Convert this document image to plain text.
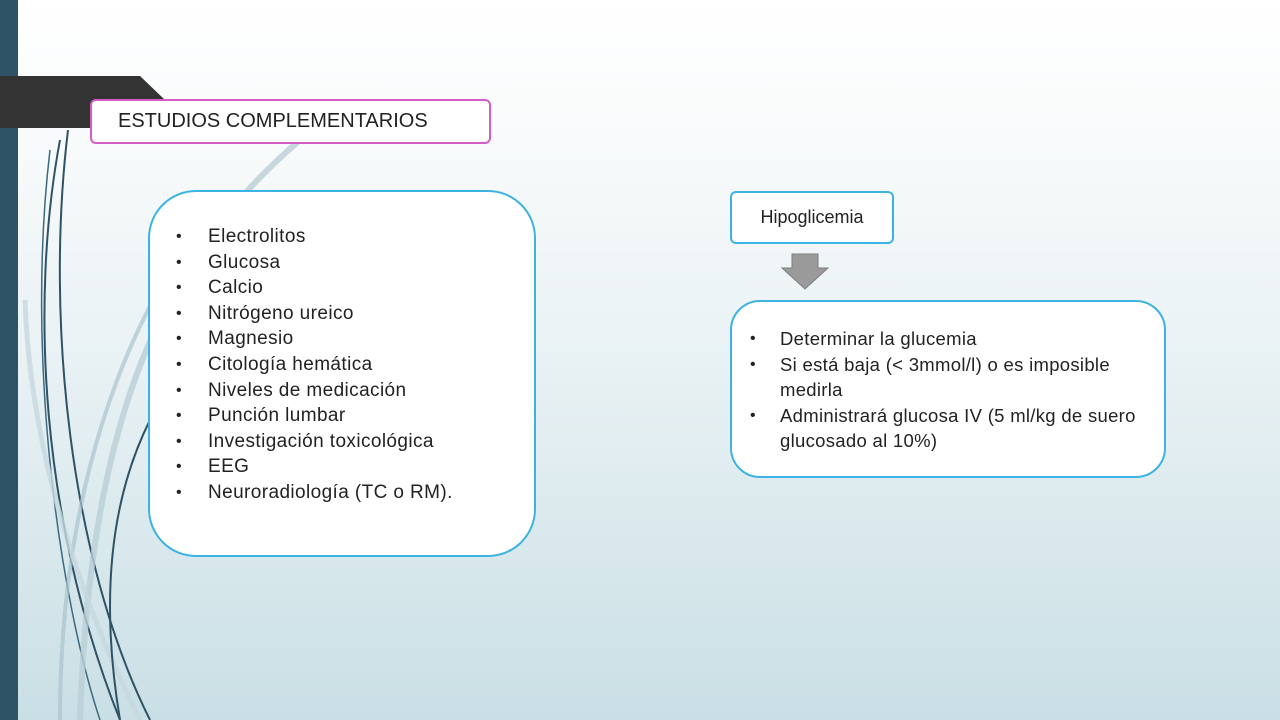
ESTUDIOS COMPLEMENTARIOS
• Electrolitos
• Glucosa
• Calcio
• Nitrógeno ureico
• Magnesio
• Citología hemática
• Niveles de medicación
• Punción lumbar
• Investigación toxicológica
• EEG
• Neuroradiología (TC o RM).
Hipoglicemia
• Determinar la glucemia
• Si está baja (< 3mmol/l) o es imposible medirla
• Administrará glucosa IV (5 ml/kg de suero glucosado al 10%)
